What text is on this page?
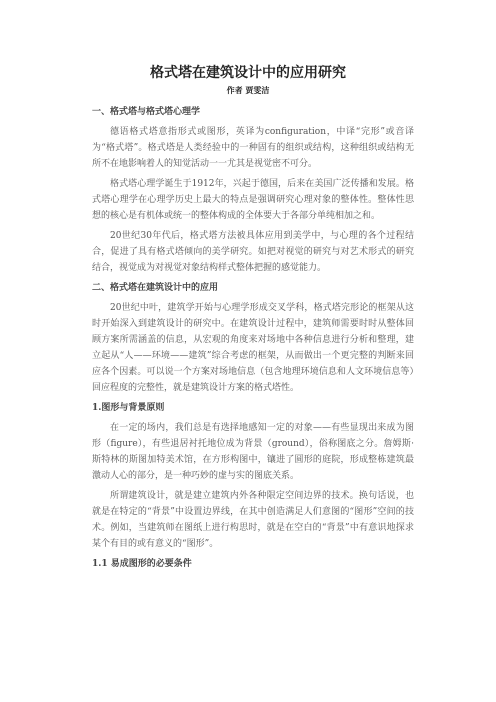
格式塔在建筑设计中的应用研究

作者 贾雯洁

一、格式塔与格式塔心理学

德语格式塔意指形式或图形，英译为configuration，中译“完形”或音译为“格式塔”。格式塔是人类经验中的一种固有的组织或结构，这种组织或结构无所不在地影响着人的知觉活动一一尤其是视觉密不可分。

格式塔心理学诞生于1912年，兴起于德国，后来在美国广泛传播和发展。格式塔心理学在心理学历史上最大的特点是强调研究心理对象的整体性。整体性思想的核心是有机体或统一的整体构成的全体要大于各部分单纯相加之和。

20世纪30年代后，格式塔方法被具体应用到美学中，与心理的各个过程结合，促进了具有格式塔倾向的美学研究。如把对视觉的研究与对艺术形式的研究结合，视觉成为对视觉对象结构样式整体把握的感觉能力。

二、格式塔在建筑设计中的应用

20世纪中叶，建筑学开始与心理学形成交叉学科，格式塔完形论的框架从这时开始深入到建筑设计的研究中。在建筑设计过程中，建筑师需要时时从整体回顾方案所需涵盖的信息，从宏观的角度来对场地中各种信息进行分析和整理，建立起从“人——环境——建筑”综合考虑的框架，从而做出一个更完整的判断来回应各个因素。可以说一个方案对场地信息（包含地理环境信息和人文环境信息等）回应程度的完整性，就是建筑设计方案的格式塔性。

1.图形与背景原则

在一定的场内，我们总是有选择地感知一定的对象——有些显现出来成为图形（figure），有些退居衬托地位成为背景（ground），俗称图底之分。詹姆斯·斯特林的斯图加特美术馆，在方形构图中，镶进了圆形的庭院，形成整栋建筑最激动人心的部分，是一种巧妙的虚与实的图底关系。

所谓建筑设计，就是建立建筑内外各种限定空间边界的技术。换句话说，也就是在特定的“背景”中设置边界线，在其中创造满足人们意图的“图形”空间的技术。例如，当建筑师在图纸上进行构思时，就是在空白的“背景”中有意识地探求某个有目的或有意义的“图形”。

1.1 易成图形的必要条件
